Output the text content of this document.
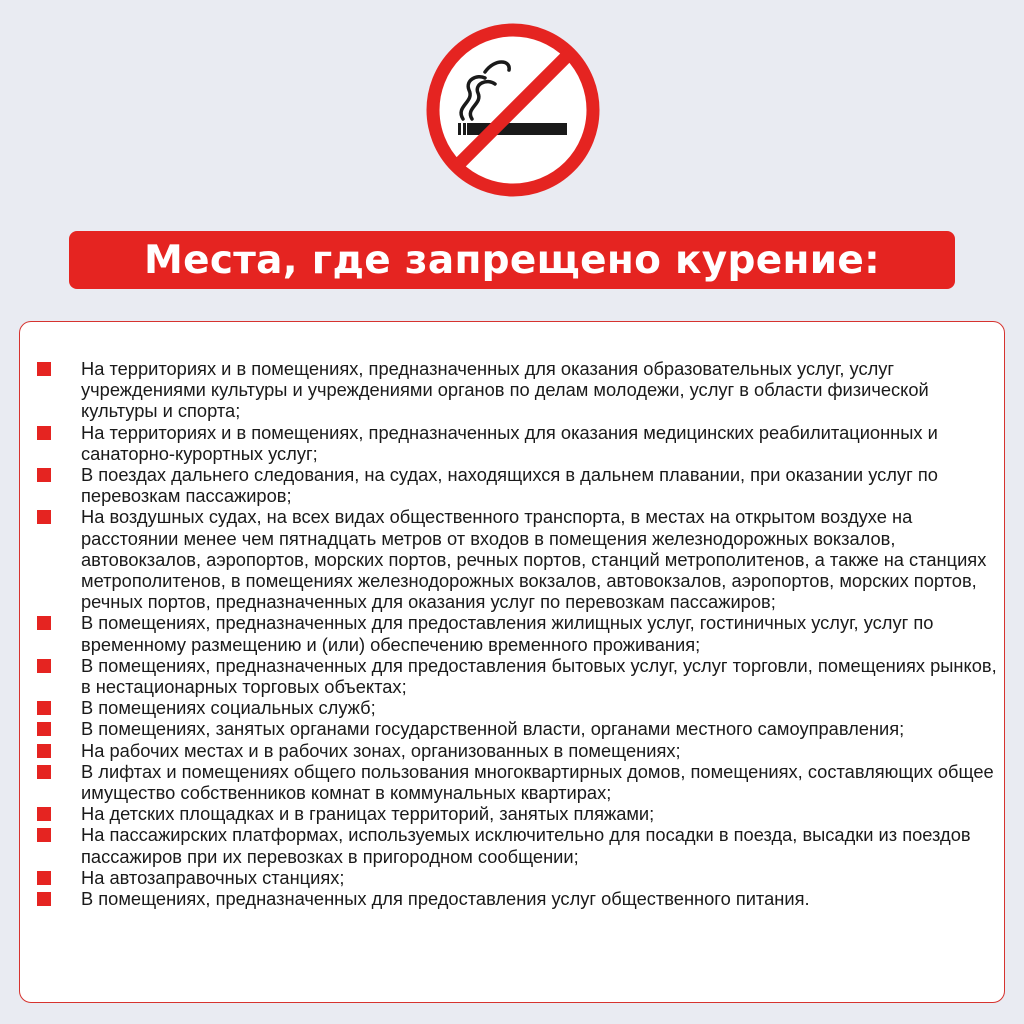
Места, где запрещено курение:
На территориях и в помещениях, предназначенных для оказания образовательных услуг, услуг учреждениями культуры и учреждениями органов по делам молодежи, услуг в области физической культуры и спорта;
На территориях и в помещениях, предназначенных для оказания медицинских реабилитационных и санаторно-курортных услуг;
В поездах дальнего следования, на судах, находящихся в дальнем плавании, при оказании услуг по перевозкам пассажиров;
На воздушных судах, на всех видах общественного транспорта, в местах на открытом воздухе на расстоянии менее чем пятнадцать метров от входов в помещения железнодорожных вокзалов, автовокзалов, аэропортов, морских портов, речных портов, станций метрополитенов, а также на станциях метрополитенов, в помещениях железнодорожных вокзалов, автовокзалов, аэропортов, морских портов, речных портов, предназначенных для оказания услуг по перевозкам пассажиров;
В помещениях, предназначенных для предоставления жилищных услуг, гостиничных услуг, услуг по временному размещению и (или) обеспечению временного проживания;
В помещениях, предназначенных для предоставления бытовых услуг, услуг торговли, помещениях рынков, в нестационарных торговых объектах;
В помещениях социальных служб;
В помещениях, занятых органами государственной власти, органами местного самоуправления;
На рабочих местах и в рабочих зонах, организованных в помещениях;
В лифтах и помещениях общего пользования многоквартирных домов, помещениях, составляющих общее имущество собственников комнат в коммунальных квартирах;
На детских площадках и в границах территорий, занятых пляжами;
На пассажирских платформах, используемых исключительно для посадки в поезда, высадки из поездов пассажиров при их перевозках в пригородном сообщении;
На автозаправочных станциях;
В помещениях, предназначенных для предоставления услуг общественного питания.
